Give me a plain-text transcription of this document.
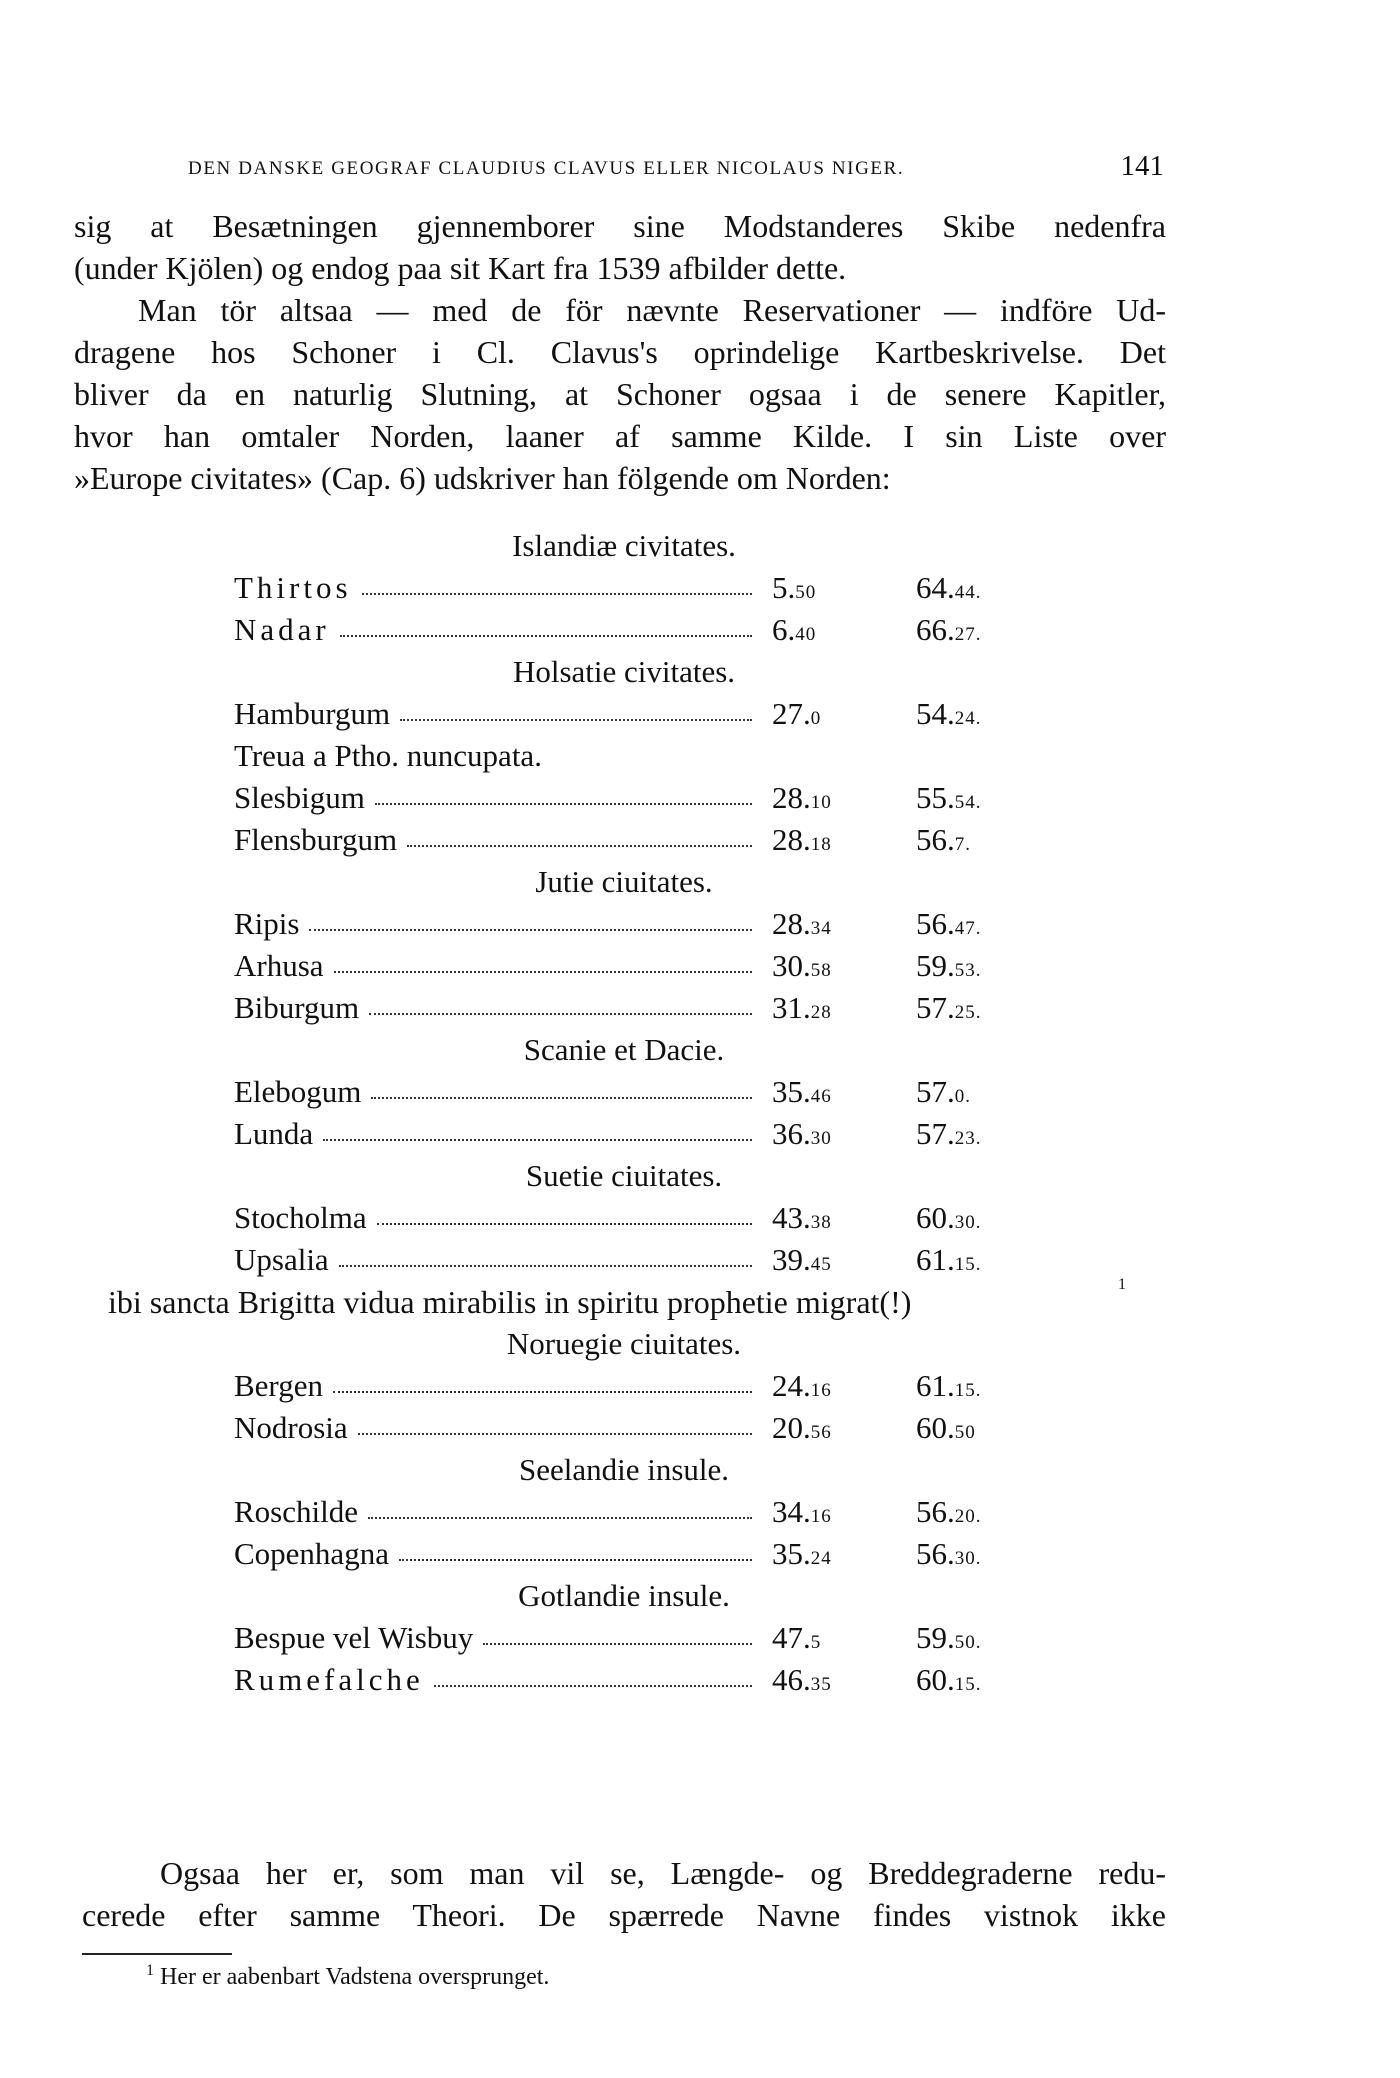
DEN DANSKE GEOGRAF CLAUDIUS CLAVUS ELLER NICOLAUS NIGER.	141
sig at Besætningen gjennemborer sine Modstanderes Skibe nedenfra
(under Kjölen) og endog paa sit Kart fra 1539 afbilder dette.
Man tör altsaa — med de för nævnte Reservationer — indföre Ud-
dragene hos Schoner i Cl. Clavus's oprindelige Kartbeskrivelse. Det
bliver da en naturlig Slutning, at Schoner ogsaa i de senere Kapitler,
hvor han omtaler Norden, laaner af samme Kilde. I sin Liste over
»Europe civitates» (Cap. 6) udskriver han fölgende om Norden:
Islandiæ civitates.
Thirtos	5.50	64.44.
Nadar	6.40	66.27.
Holsatie civitates.
Hamburgum	27.0	54.24.
Treua a Ptho. nuncupata.
Slesbigum	28.10	55.54.
Flensburgum	28.18	56.7.
Jutie ciuitates.
Ripis	28.34	56.47.
Arhusa	30.58	59.53.
Biburgum	31.28	57.25.
Scanie et Dacie.
Elebogum	35.46	57.0.
Lunda	36.30	57.23.
Suetie ciuitates.
Stocholma	43.38	60.30.
Upsalia	39.45	61.15.
ibi sancta Brigitta vidua mirabilis in spiritu prophetie migrat(!)	1
Noruegie ciuitates.
Bergen	24.16	61.15.
Nodrosia	20.56	60.50
Seelandie insule.
Roschilde	34.16	56.20.
Copenhagna	35.24	56.30.
Gotlandie insule.
Bespue vel Wisbuy	47.5	59.50.
Rumefalche	46.35	60.15.
Ogsaa her er, som man vil se, Længde- og Breddegraderne redu-
cerede efter samme Theori. De spærrede Navne findes vistnok ikke
$^1$ Her er aabenbart Vadstena oversprunget.
